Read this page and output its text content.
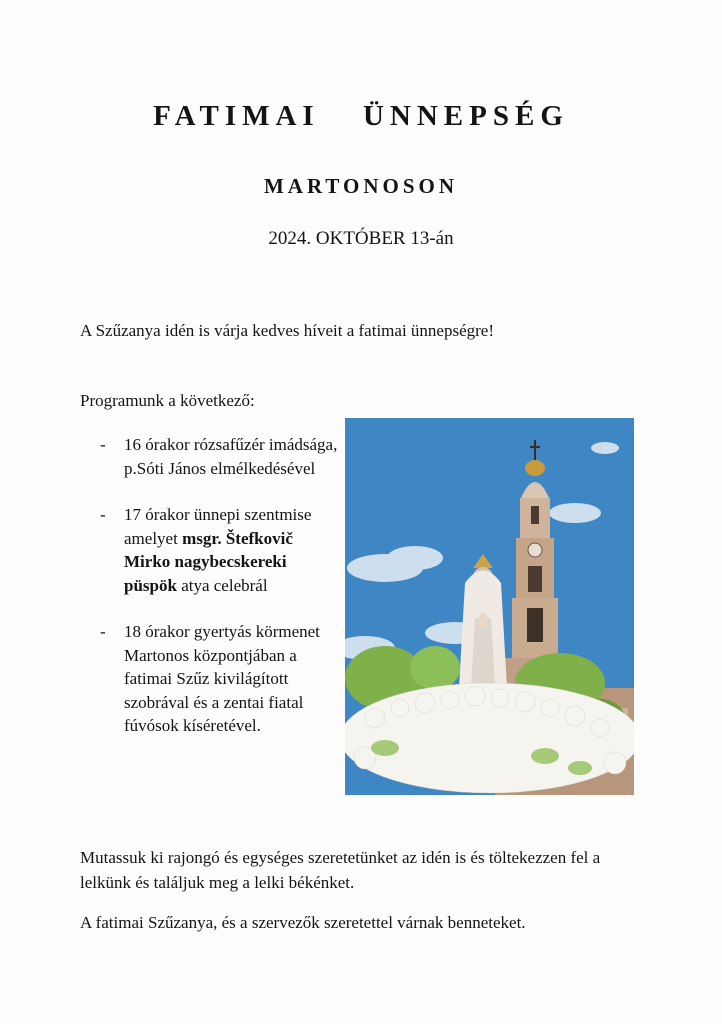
FATIMAI ÜNNEPSÉG
MARTONOSON
2024. OKTÓBER 13-án
A Szűzanya idén is várja kedves híveit a fatimai ünnepségre!
Programunk a következő:
- 16 órakor rózsafűzér imádsága, p.Sóti János elmélkedésével
- 17 órakor ünnepi szentmise amelyet msgr. Štefkovič Mirko nagybecskereki püspök atya celebrál
- 18 órakor gyertyás körmenet Martonos központjában a fatimai Szűz kivilágított szobrával és a zentai fiatal fúvósok kíséretével.
Mutassuk ki rajongó és egységes szeretetünket az idén is és töltekezzen fel a lelkünk és találjuk meg a lelki békénket.
A fatimai Szűzanya, és a szervezők szeretettel várnak benneteket.
